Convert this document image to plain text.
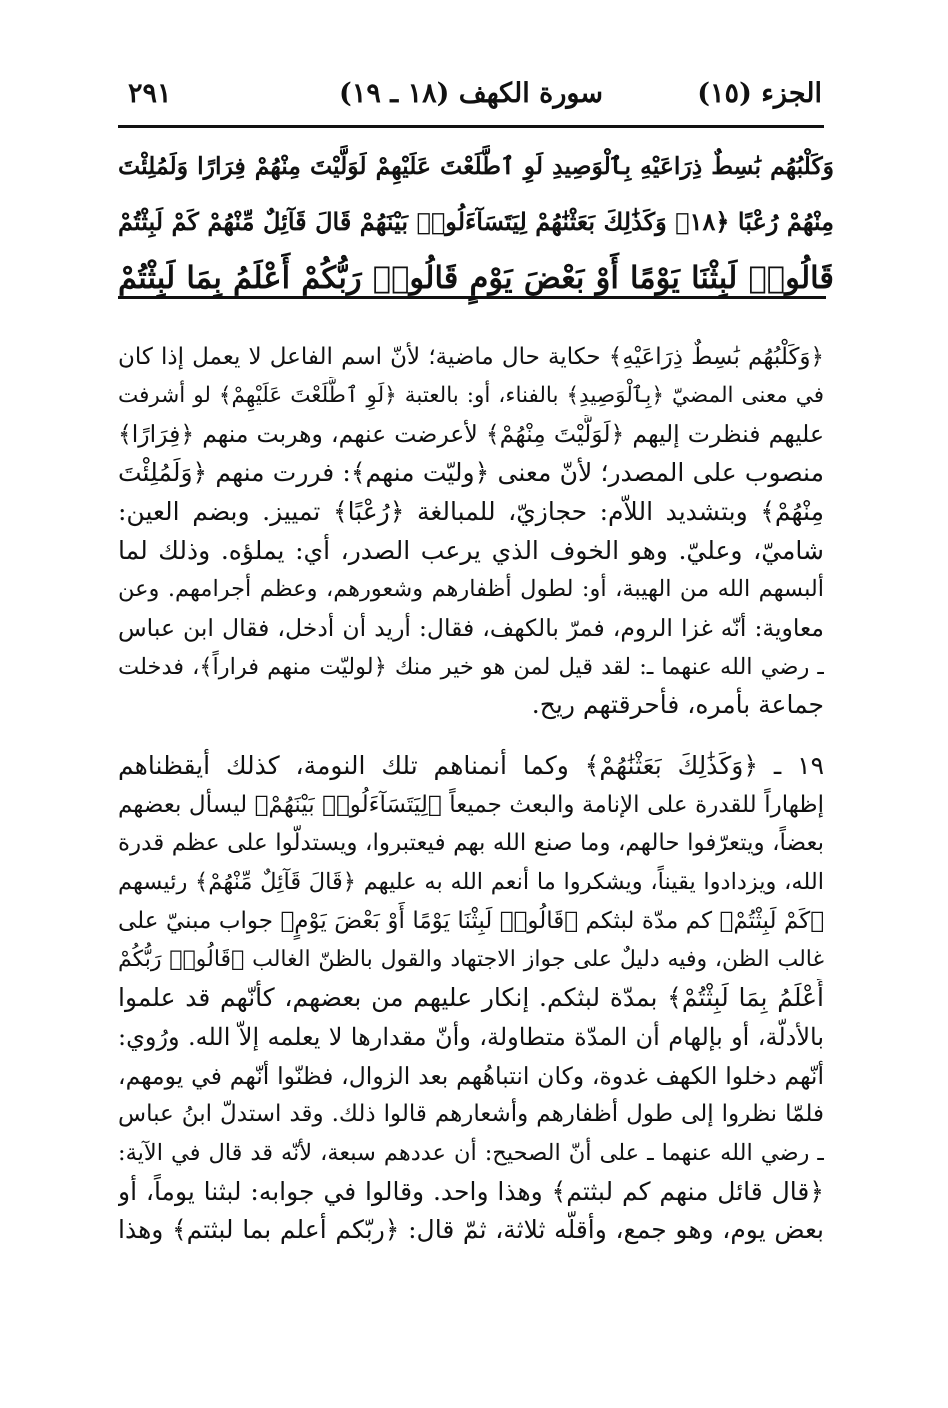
الجزء (١٥)
سورة الكهف (١٨ ـ ١٩)
٢٩١

وَكَلْبُهُم بَٰسِطٌ ذِرَاعَيْهِ بِٱلْوَصِيدِ لَوِ ٱطَّلَعْتَ عَلَيْهِمْ لَوَلَّيْتَ مِنْهُمْ فِرَارًا وَلَمُلِئْتَ

مِنْهُمْ رُعْبًا ﴿١٨﴾ وَكَذَٰلِكَ بَعَثْنَٰهُمْ لِيَتَسَآءَلُوا۟ بَيْنَهُمْ قَالَ قَآئِلٌ مِّنْهُمْ كَمْ لَبِثْتُمْ

قَالُوا۟ لَبِثْنَا يَوْمًا أَوْ بَعْضَ يَوْمٍ قَالُوا۟ رَبُّكُمْ أَعْلَمُ بِمَا لَبِثْتُمْ

﴿وَكَلْبُهُم بَٰسِطٌ ذِرَاعَيْهِ﴾ حكاية حال ماضية؛ لأنّ اسم الفاعل لا يعمل إذا كان

في معنى المضيّ ﴿بِٱلْوَصِيدِ﴾ بالفناء، أو: بالعتبة ﴿لَوِ ٱطَّلَعْتَ عَلَيْهِمْ﴾ لو أشرفت

عليهم فنظرت إليهم ﴿لَوَلَّيْتَ مِنْهُمْ﴾ لأعرضت عنهم، وهربت منهم ﴿فِرَارًا﴾

منصوب على المصدر؛ لأنّ معنى ﴿وليّت منهم﴾: فررت منهم ﴿وَلَمُلِئْتَ

مِنْهُمْ﴾ وبتشديد اللاّم: حجازيّ، للمبالغة ﴿رُعْبًا﴾ تمييز. وبضم العين:

شاميّ، وعليّ. وهو الخوف الذي يرعب الصدر، أي: يملؤه. وذلك لما

ألبسهم الله من الهيبة، أو: لطول أظفارهم وشعورهم، وعظم أجرامهم. وعن

معاوية: أنّه غزا الروم، فمرّ بالكهف، فقال: أريد أن أدخل، فقال ابن عباس

ـ رضي الله عنهما ـ: لقد قيل لمن هو خير منك ﴿لوليّت منهم فراراً﴾، فدخلت

جماعة بأمره، فأحرقتهم ريح.

١٩ ـ ﴿وَكَذَٰلِكَ بَعَثْنَٰهُمْ﴾ وكما أنمناهم تلك النومة، كذلك أيقظناهم

إظهاراً للقدرة على الإنامة والبعث جميعاً ﴿لِيَتَسَآءَلُوا۟ بَيْنَهُمْ﴾ ليسأل بعضهم

بعضاً، ويتعرّفوا حالهم، وما صنع الله بهم فيعتبروا، ويستدلّوا على عظم قدرة

الله، ويزدادوا يقيناً، ويشكروا ما أنعم الله به عليهم ﴿قَالَ قَآئِلٌ مِّنْهُمْ﴾ رئيسهم

﴿كَمْ لَبِثْتُمْ﴾ كم مدّة لبثكم ﴿قَالُوا۟ لَبِثْنَا يَوْمًا أَوْ بَعْضَ يَوْمٍ﴾ جواب مبنيّ على

غالب الظن، وفيه دليلٌ على جواز الاجتهاد والقول بالظنّ الغالب ﴿قَالُوا۟ رَبُّكُمْ

أَعْلَمُ بِمَا لَبِثْتُمْ﴾ بمدّة لبثكم. إنكار عليهم من بعضهم، كأنّهم قد علموا

بالأدلّة، أو بإلهام أن المدّة متطاولة، وأنّ مقدارها لا يعلمه إلاّ الله. ورُوي:

أنّهم دخلوا الكهف غدوة، وكان انتباهُهم بعد الزوال، فظنّوا أنّهم في يومهم،

فلمّا نظروا إلى طول أظفارهم وأشعارهم قالوا ذلك. وقد استدلّ ابنُ عباس

ـ رضي الله عنهما ـ على أنّ الصحيح: أن عددهم سبعة، لأنّه قد قال في الآية:

﴿قال قائل منهم كم لبثتم﴾ وهذا واحد. وقالوا في جوابه: لبثنا يوماً، أو

بعض يوم، وهو جمع، وأقلّه ثلاثة، ثمّ قال: ﴿ربّكم أعلم بما لبثتم﴾ وهذا
